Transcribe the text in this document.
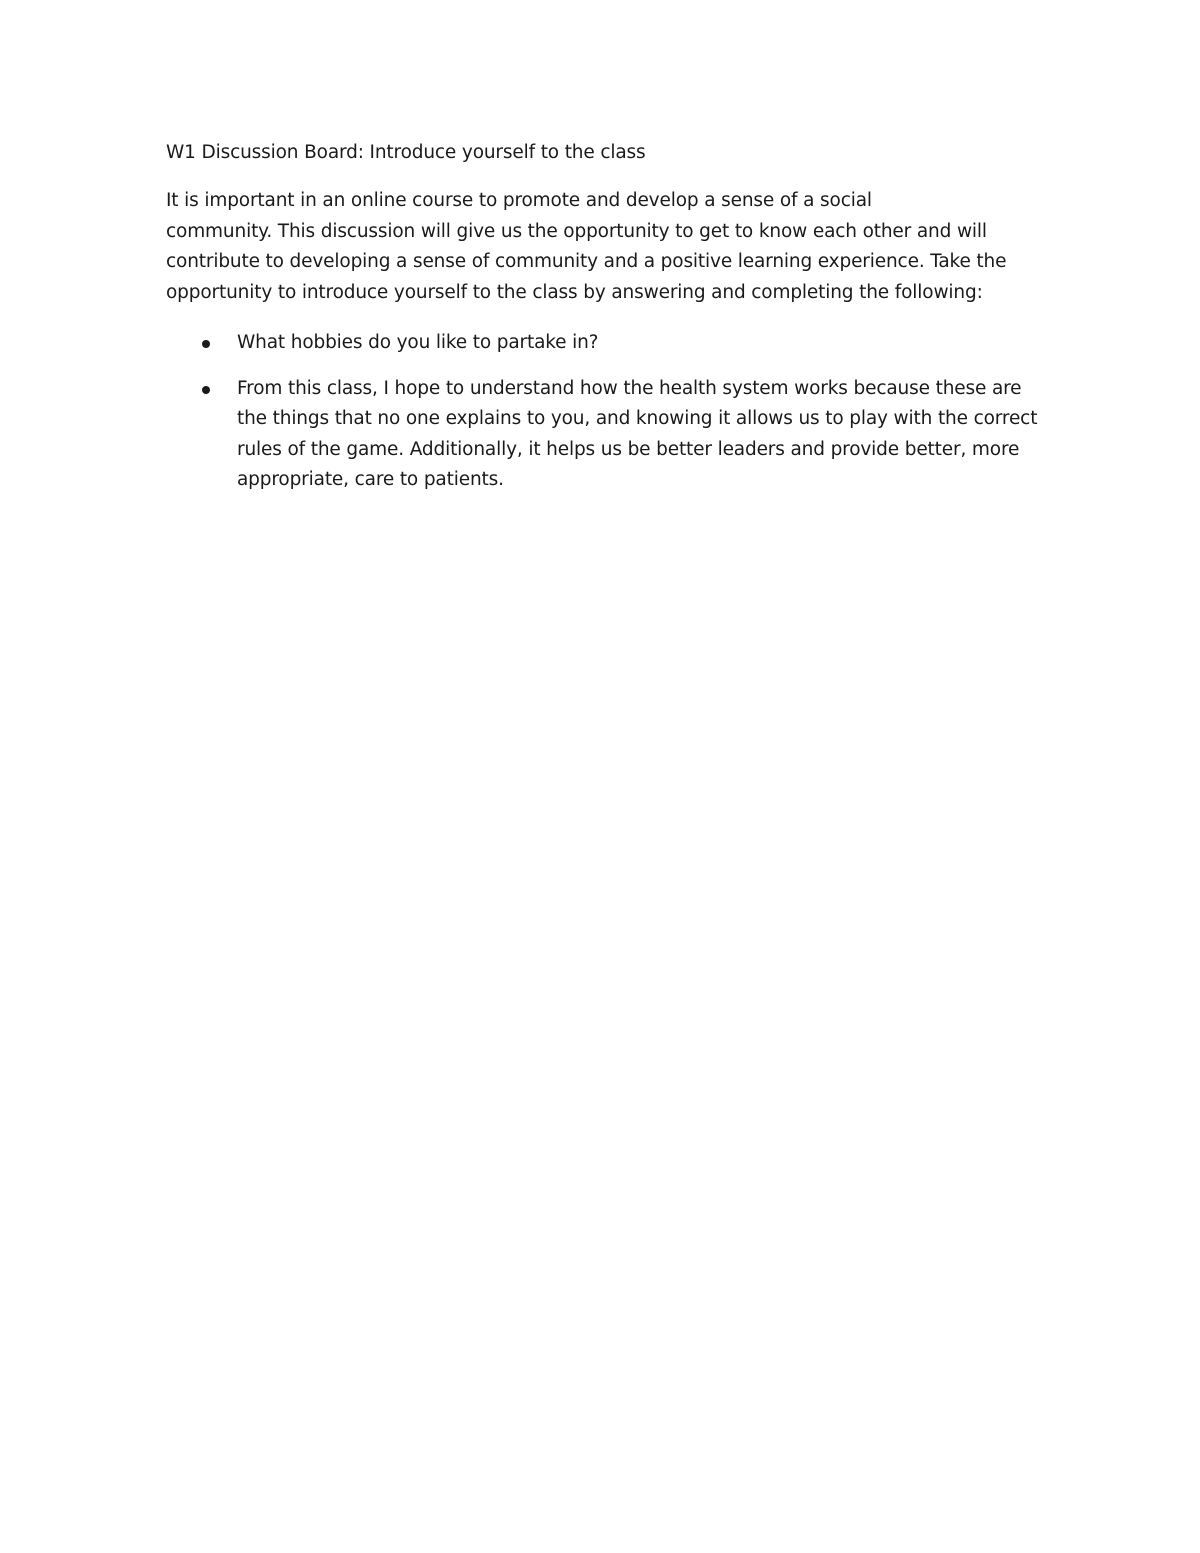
W1 Discussion Board: Introduce yourself to the class

It is important in an online course to promote and develop a sense of a social
community. This discussion will give us the opportunity to get to know each other and will
contribute to developing a sense of community and a positive learning experience. Take the
opportunity to introduce yourself to the class by answering and completing the following:

What hobbies do you like to partake in?
From this class, I hope to understand how the health system works because these are
the things that no one explains to you, and knowing it allows us to play with the correct
rules of the game. Additionally, it helps us be better leaders and provide better, more
appropriate, care to patients.
